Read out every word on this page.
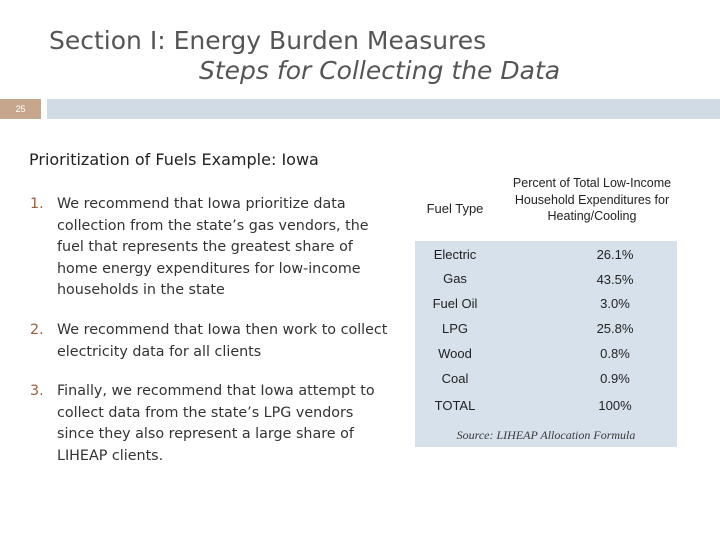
Section I: Energy Burden Measures
Steps for Collecting the Data
25
Prioritization of Fuels Example: Iowa
1. We recommend that Iowa prioritize data collection from the state’s gas vendors, the fuel that represents the greatest share of home energy expenditures for low-income households in the state
2. We recommend that Iowa then work to collect electricity data for all clients
3. Finally, we recommend that Iowa attempt to collect data from the state’s LPG vendors since they also represent a large share of LIHEAP clients.
Fuel Type
Percent of Total Low-Income Household Expenditures for Heating/Cooling
Electric	26.1%
Gas	43.5%
Fuel Oil	3.0%
LPG	25.8%
Wood	0.8%
Coal	0.9%
TOTAL	100%
Source: LIHEAP Allocation Formula
